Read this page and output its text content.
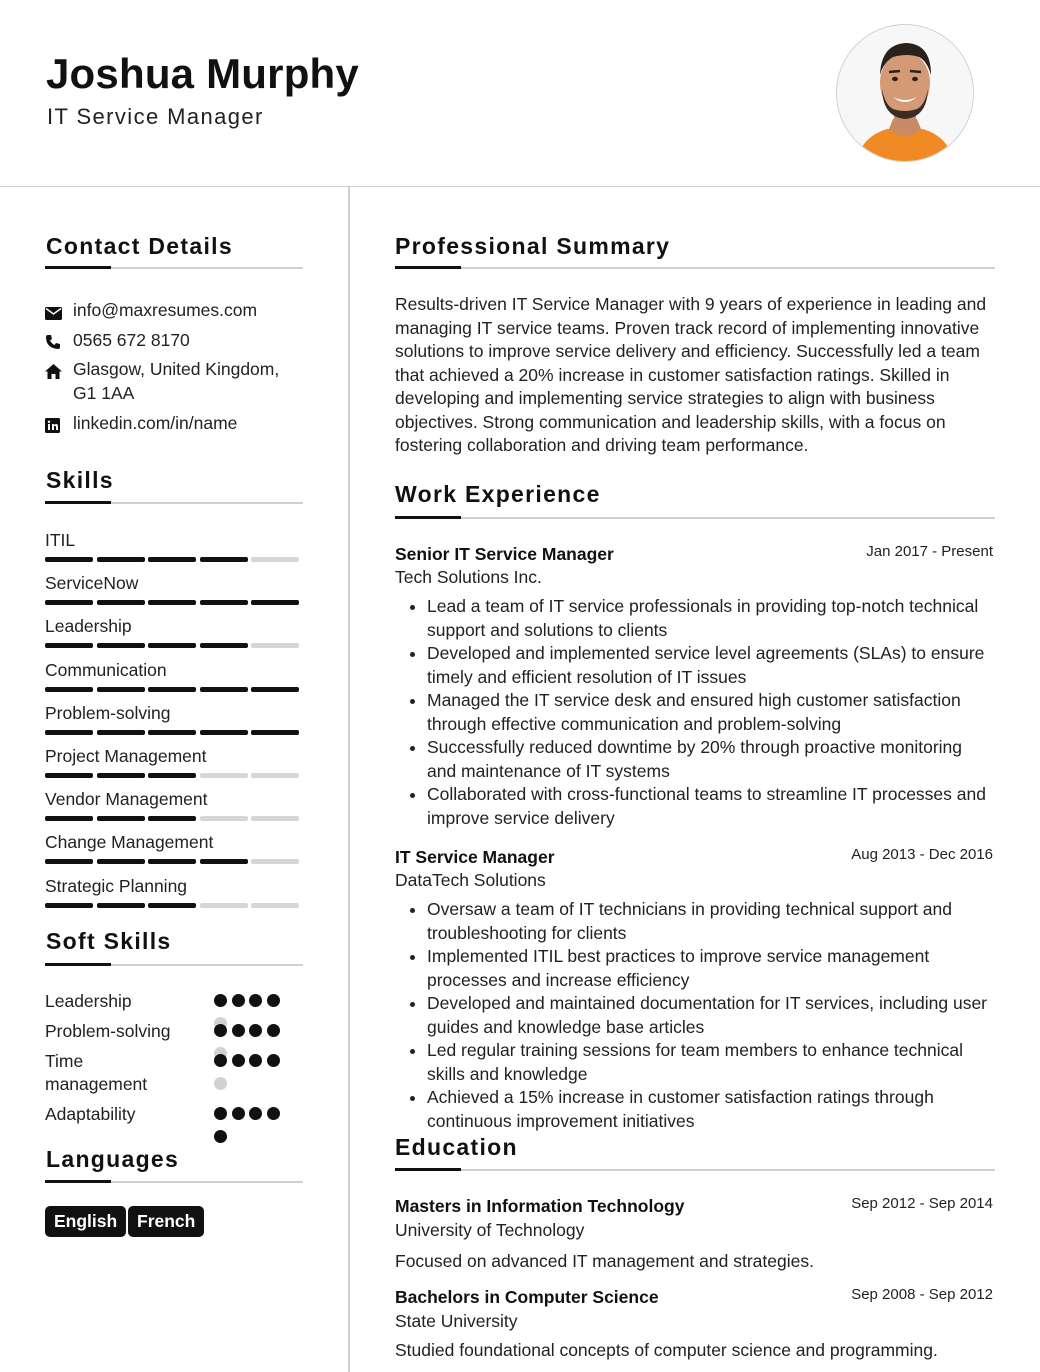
Joshua Murphy
IT Service Manager
Contact Details
info@maxresumes.com
0565 672 8170
Glasgow, United Kingdom,
G1 1AA
linkedin.com/in/name
Skills
ITIL
ServiceNow
Leadership
Communication
Problem-solving
Project Management
Vendor Management
Change Management
Strategic Planning
Soft Skills
Leadership
Problem-solving
Time management
Adaptability
Languages
English	French
Professional Summary
Results-driven IT Service Manager with 9 years of experience in leading and managing IT service teams. Proven track record of implementing innovative solutions to improve service delivery and efficiency. Successfully led a team that achieved a 20% increase in customer satisfaction ratings. Skilled in developing and implementing service strategies to align with business objectives. Strong communication and leadership skills, with a focus on fostering collaboration and driving team performance.
Work Experience
Senior IT Service Manager	Jan 2017 - Present
Tech Solutions Inc.
• Lead a team of IT service professionals in providing top-notch technical support and solutions to clients
• Developed and implemented service level agreements (SLAs) to ensure timely and efficient resolution of IT issues
• Managed the IT service desk and ensured high customer satisfaction through effective communication and problem-solving
• Successfully reduced downtime by 20% through proactive monitoring and maintenance of IT systems
• Collaborated with cross-functional teams to streamline IT processes and improve service delivery
IT Service Manager	Aug 2013 - Dec 2016
DataTech Solutions
• Oversaw a team of IT technicians in providing technical support and troubleshooting for clients
• Implemented ITIL best practices to improve service management processes and increase efficiency
• Developed and maintained documentation for IT services, including user guides and knowledge base articles
• Led regular training sessions for team members to enhance technical skills and knowledge
• Achieved a 15% increase in customer satisfaction ratings through continuous improvement initiatives
Education
Masters in Information Technology	Sep 2012 - Sep 2014
University of Technology
Focused on advanced IT management and strategies.
Bachelors in Computer Science	Sep 2008 - Sep 2012
State University
Studied foundational concepts of computer science and programming.
